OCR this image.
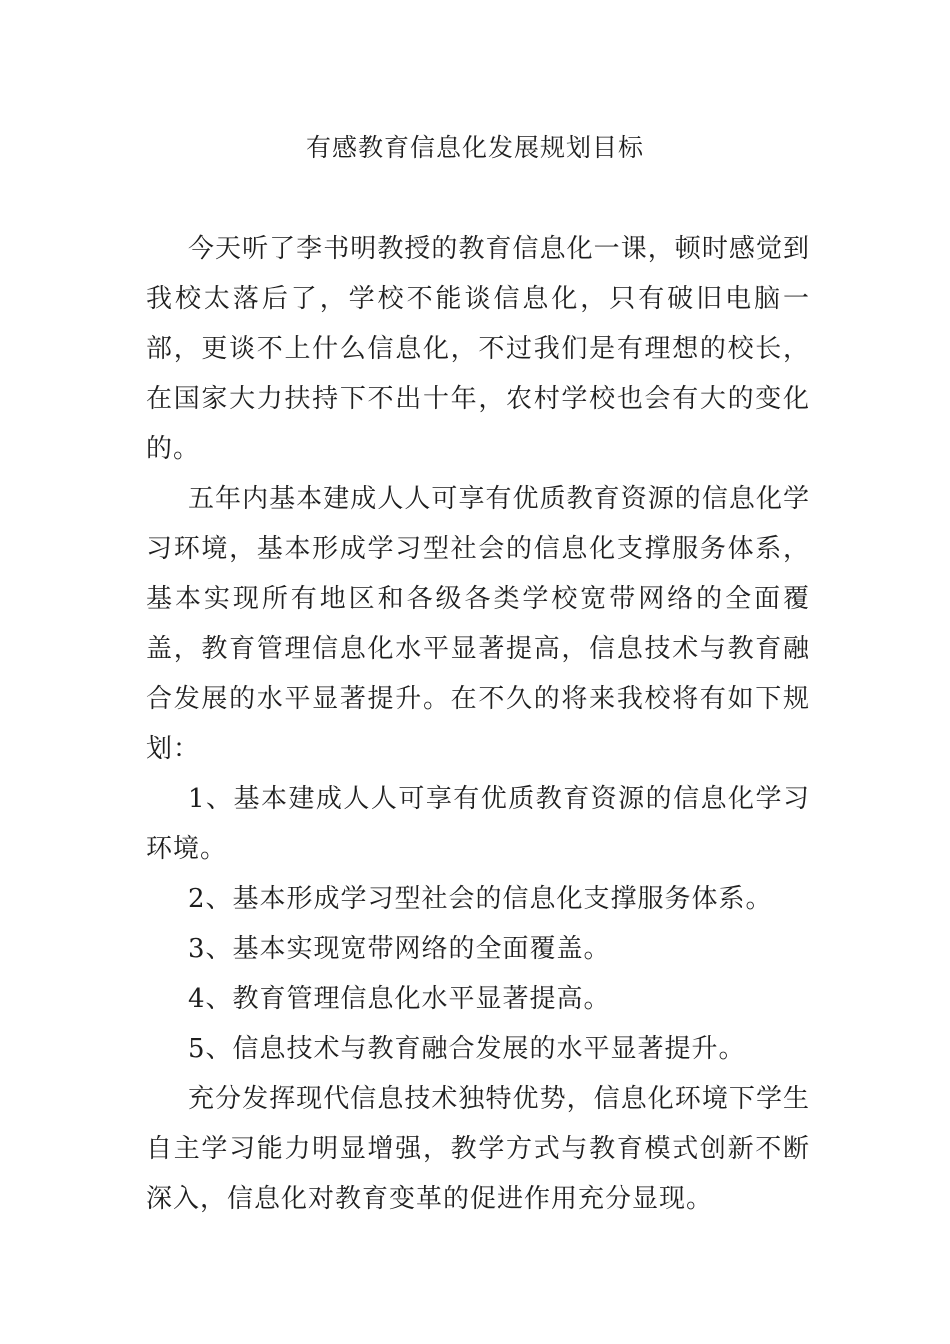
有感教育信息化发展规划目标

今天听了李书明教授的教育信息化一课，顿时感觉到我校太落后了，学校不能谈信息化，只有破旧电脑一部，更谈不上什么信息化，不过我们是有理想的校长，在国家大力扶持下不出十年，农村学校也会有大的变化的。

五年内基本建成人人可享有优质教育资源的信息化学习环境，基本形成学习型社会的信息化支撑服务体系，基本实现所有地区和各级各类学校宽带网络的全面覆盖，教育管理信息化水平显著提高，信息技术与教育融合发展的水平显著提升。在不久的将来我校将有如下规划：

1、基本建成人人可享有优质教育资源的信息化学习环境。

2、基本形成学习型社会的信息化支撑服务体系。

3、基本实现宽带网络的全面覆盖。

4、教育管理信息化水平显著提高。

5、信息技术与教育融合发展的水平显著提升。

充分发挥现代信息技术独特优势，信息化环境下学生自主学习能力明显增强，教学方式与教育模式创新不断深入，信息化对教育变革的促进作用充分显现。
